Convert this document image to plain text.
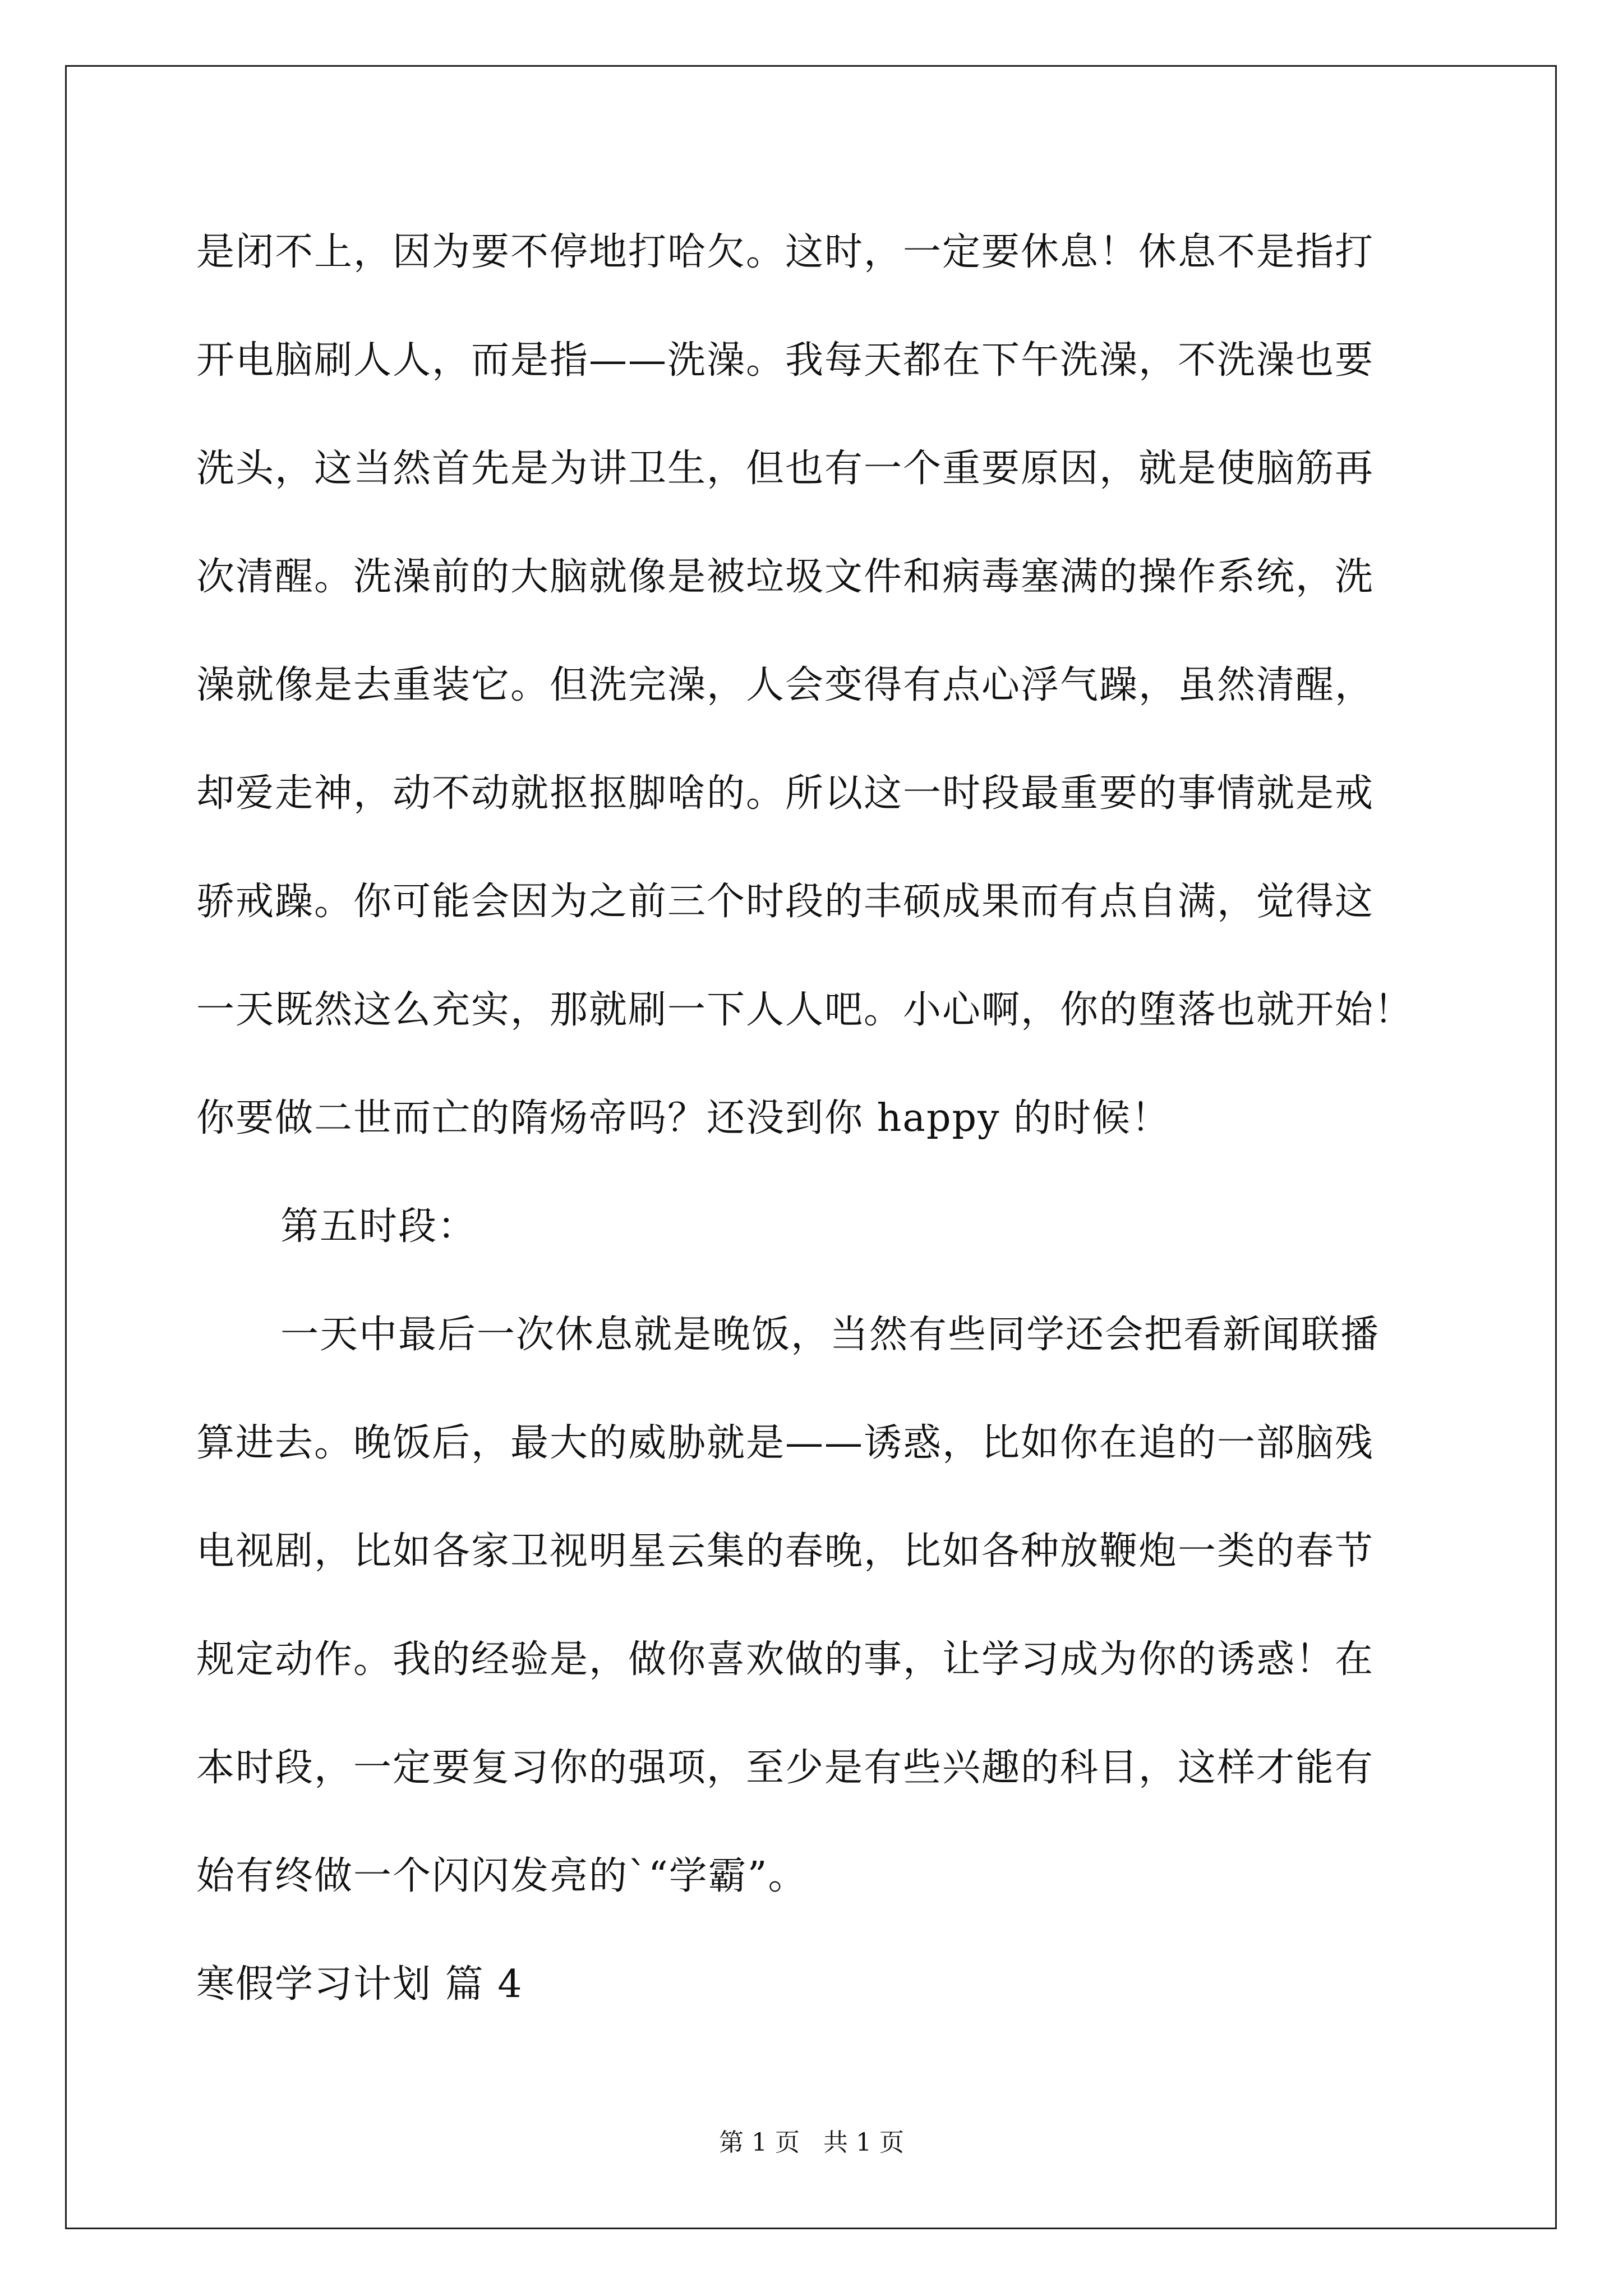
是闭不上，因为要不停地打哈欠。这时，一定要休息！休息不是指打
开电脑刷人人，而是指——洗澡。我每天都在下午洗澡，不洗澡也要
洗头，这当然首先是为讲卫生，但也有一个重要原因，就是使脑筋再
次清醒。洗澡前的大脑就像是被垃圾文件和病毒塞满的操作系统，洗
澡就像是去重装它。但洗完澡，人会变得有点心浮气躁，虽然清醒，
却爱走神，动不动就抠抠脚啥的。所以这一时段最重要的事情就是戒
骄戒躁。你可能会因为之前三个时段的丰硕成果而有点自满，觉得这
一天既然这么充实，那就刷一下人人吧。小心啊，你的堕落也就开始！
你要做二世而亡的隋炀帝吗？还没到你 happy 的时候！
第五时段：
一天中最后一次休息就是晚饭，当然有些同学还会把看新闻联播
算进去。晚饭后，最大的威胁就是——诱惑，比如你在追的一部脑残
电视剧，比如各家卫视明星云集的春晚，比如各种放鞭炮一类的春节
规定动作。我的经验是，做你喜欢做的事，让学习成为你的诱惑！在
本时段，一定要复习你的强项，至少是有些兴趣的科目，这样才能有
始有终做一个闪闪发亮的`“学霸”。
寒假学习计划 篇 4
第 1 页 共 1 页
